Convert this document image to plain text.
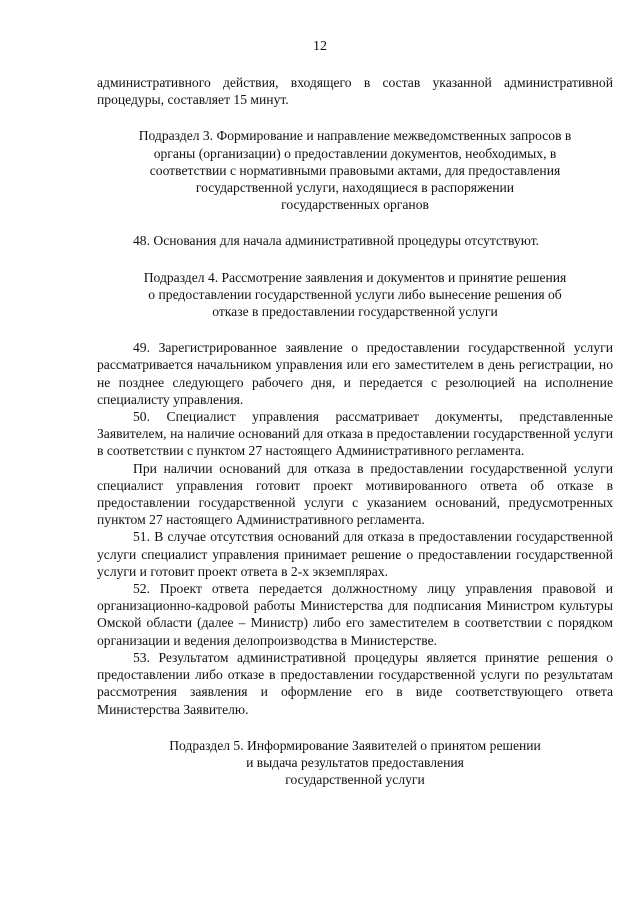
12

административного действия, входящего в состав указанной административной процедуры, составляет 15 минут.

Подраздел 3. Формирование и направление межведомственных запросов в

органы (организации) о предоставлении документов, необходимых, в

соответствии с нормативными правовыми актами, для предоставления

государственной услуги, находящиеся в распоряжении

государственных органов

48. Основания для начала административной процедуры отсутствуют.

Подраздел 4. Рассмотрение заявления и документов и принятие решения

о предоставлении государственной услуги либо вынесение решения об

отказе в предоставлении государственной услуги

49. Зарегистрированное заявление о предоставлении государственной услуги рассматривается начальником управления или его заместителем в день регистрации, но не позднее следующего рабочего дня, и передается с резолюцией на исполнение специалисту управления.

50. Специалист управления рассматривает документы, представленные Заявителем, на наличие оснований для отказа в предоставлении государственной услуги в соответствии с пунктом 27 настоящего Административного регламента.

При наличии оснований для отказа в предоставлении государственной услуги специалист управления готовит проект мотивированного ответа об отказе в предоставлении государственной услуги с указанием оснований, предусмотренных пунктом 27 настоящего Административного регламента.

51. В случае отсутствия оснований для отказа в предоставлении государственной услуги специалист управления принимает решение о предоставлении государственной услуги и готовит проект ответа в 2-х экземплярах.

52. Проект ответа передается должностному лицу управления правовой и организационно-кадровой работы Министерства для подписания Министром культуры Омской области (далее – Министр) либо его заместителем в соответствии с порядком организации и ведения делопроизводства в Министерстве.

53. Результатом административной процедуры является принятие решения о предоставлении либо отказе в предоставлении государственной услуги по результатам рассмотрения заявления и оформление его в виде соответствующего ответа Министерства Заявителю.

Подраздел 5. Информирование Заявителей о принятом решении

и выдача результатов предоставления

государственной услуги
